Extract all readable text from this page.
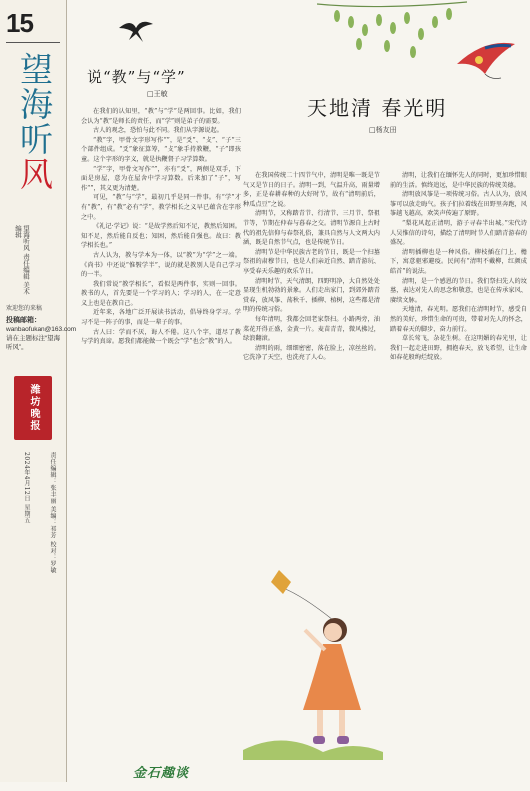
15
望海听风
望海听风 责任编辑 美术编辑
欢迎您的来稿
投稿邮箱：
wanbaofukan@163.com
请在主题标注“望海听风”。
潍坊晚报
2024年4月12日 星期五	责任编辑：张丰丽 美编：祁芳 校对：罗敏
说“教”与“学”
□王敏

在我们的认知里，“教”与“学”是两回事。比如，我们会认为“教”是师长的责任，而“学”则是弟子的需要。

古人的观念，恐怕与此不同。我们从字源说起。

“教”字，甲骨文字形写作“”，是“爻”、“攴”、“子”三个部件组成。“爻”象征算筹，“攴”象手持教鞭，“子”即孩童。这个字形的字义，就是执鞭督子习学算数。

“学”字，甲骨文写作“”，亦有“爻”，两侧是双手，下面是房屋，意为在屋舍中学习算数。后来加了“子”，写作“”，其义更为清楚。

可见，“教”与“学”，最初几乎是同一件事。有“学”才有“教”，有“教”必有“学”，教学相长之义早已蕴含在字形之中。

《礼记·学记》说：“是故学然后知不足，教然后知困。知不足，然后能自反也；知困，然后能自强也。故曰：教学相长也。”

古人认为，教与学本为一体，以“教”为“学”之一端。《尚书》中还说“惟斅学半”，说的就是教别人是自己学习的一半。

我们常说“教学相长”，看似是两件事，实则一回事。教书的人，首先要是一个学习的人；学习的人，在一定意义上也是在教自己。

近年来，各地广泛开展读书活动，倡导终身学习。学习不是一阵子的事，而是一辈子的事。

古人曰：学而不厌，诲人不倦。这八个字，道尽了教与学的真谛。愿我们都能做一个既会“学”也会“教”的人。

天地清 春光明
□杨友田

在我国传统二十四节气中，清明是唯一既是节气又是节日的日子。清明一到，气温升高，雨量增多，正是春耕春种的大好时节，故有“清明前后，种瓜点豆”之说。

清明节，又称踏青节、行清节、三月节、祭祖节等，节期在仲春与暮春之交。清明节源自上古时代的祖先信仰与春祭礼俗，兼具自然与人文两大内涵，既是自然节气点，也是传统节日。

清明节是中华民族古老的节日，既是一个扫墓祭祖的肃穆节日，也是人们亲近自然、踏青游玩、享受春天乐趣的欢乐节日。

清明时节，天气清朗，四野明净，大自然处处显现生机勃勃的景象。人们走出家门，到郊外踏青赏春，放风筝、荡秋千、插柳、植树，这些都是清明的传统习俗。

每年清明，我都会回老家祭扫。小路两旁，油菜花开得正盛，金黄一片。麦苗青青，微风拂过，绿浪翻滚。

清明的雨，细细密密，落在脸上，凉丝丝的。它洗净了天空，也洗亮了人心。

清明，让我们在缅怀先人的同时，更加珍惜眼前的生活。慎终追远，是中华民族的传统美德。

清明放风筝是一项传统习俗。古人认为，放风筝可以放走晦气。孩子们拉着线在田野里奔跑，风筝越飞越高，欢笑声传遍了原野。

“梨花风起正清明，游子寻春半出城。”宋代诗人吴惟信的诗句，描绘了清明时节人们踏青游春的盛况。

清明插柳也是一种风俗。柳枝插在门上、檐下，寓意驱邪避疫。民间有“清明不戴柳，红颜成皓首”的说法。

清明，是一个感恩的节日。我们祭扫先人的坟墓，表达对先人的思念和敬意，也是在传承家风、赓续文脉。

天地清，春光明。愿我们在清明时节，感受自然的美好，珍惜生命的可贵，带着对先人的怀念，踏着春天的脚步，奋力前行。

草长莺飞，杂花生树。在这明媚的春光里，让我们一起走进田野，拥抱春天，放飞希望，让生命如春花般绚烂绽放。

金石趣谈
